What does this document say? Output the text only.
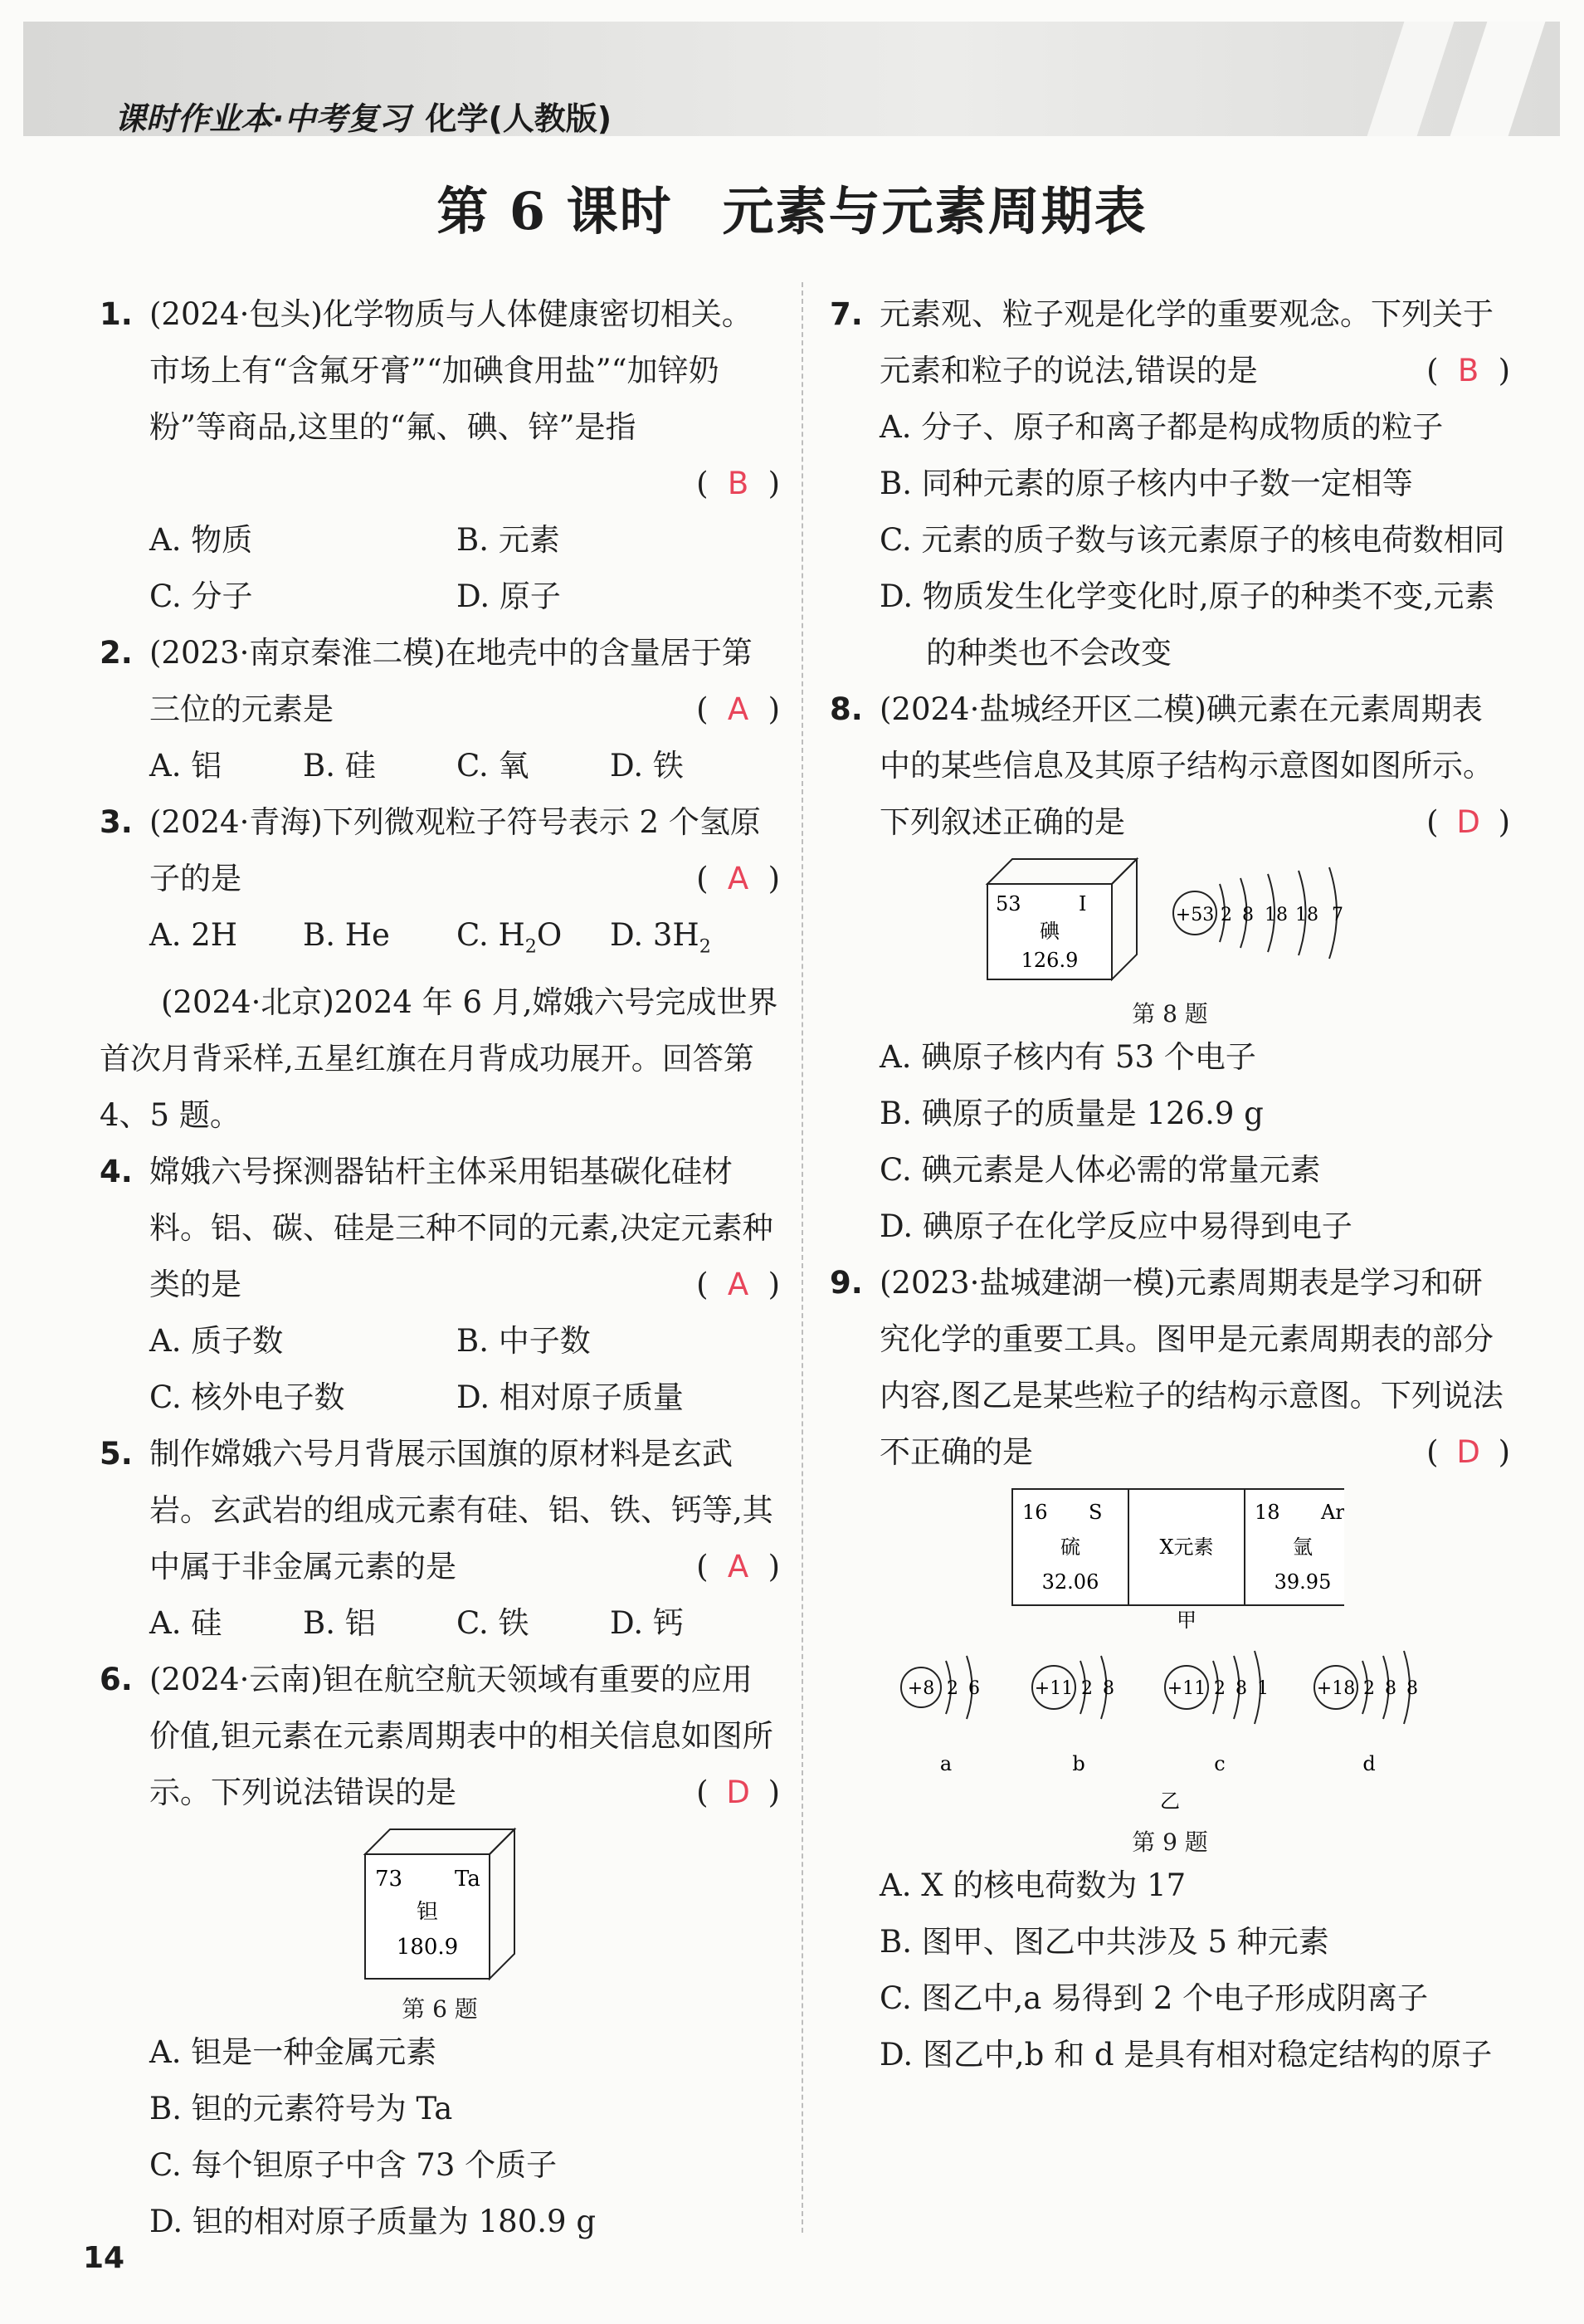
课时作业本·中考复习 化学(人教版)
第 6 课时 元素与元素周期表
1. (2024·包头)化学物质与人体健康密切相关。市场上有“含氟牙膏”“加碘食用盐”“加锌奶粉”等商品,这里的“氟、碘、锌”是指
( B )
A. 物质	B. 元素
C. 分子	D. 原子
2. (2023·南京秦淮二模)在地壳中的含量居于第三位的元素是	( A )
A. 铝	B. 硅	C. 氧	D. 铁
3. (2024·青海)下列微观粒子符号表示 2 个氢原子的是	( A )
A. 2H	B. He	C. $H_2O$	D. $3H_2$
(2024·北京)2024 年 6 月,嫦娥六号完成世界首次月背采样,五星红旗在月背成功展开。回答第 4、5 题。
4. 嫦娥六号探测器钻杆主体采用铝基碳化硅材料。铝、碳、硅是三种不同的元素,决定元素种类的是	( A )
A. 质子数	B. 中子数
C. 核外电子数	D. 相对原子质量
5. 制作嫦娥六号月背展示国旗的原材料是玄武岩。玄武岩的组成元素有硅、铝、铁、钙等,其中属于非金属元素的是	( A )
A. 硅	B. 铝	C. 铁	D. 钙
6. (2024·云南)钽在航空航天领域有重要的应用价值,钽元素在元素周期表中的相关信息如图所示。下列说法错误的是	( D )
73 Ta
钽
180.9
第 6 题
A. 钽是一种金属元素
B. 钽的元素符号为 Ta
C. 每个钽原子中含 73 个质子
D. 钽的相对原子质量为 180.9 g
7. 元素观、粒子观是化学的重要观念。下列关于元素和粒子的说法,错误的是	( B )
A. 分子、原子和离子都是构成物质的粒子
B. 同种元素的原子核内中子数一定相等
C. 元素的质子数与该元素原子的核电荷数相同
D. 物质发生化学变化时,原子的种类不变,元素的种类也不会改变
8. (2024·盐城经开区二模)碘元素在元素周期表中的某些信息及其原子结构示意图如图所示。下列叙述正确的是	( D )
53	I
碘
126.9
+53 2 8 18 18 7
第 8 题
A. 碘原子核内有 53 个电子
B. 碘原子的质量是 126.9 g
C. 碘元素是人体必需的常量元素
D. 碘原子在化学反应中易得到电子
9. (2023·盐城建湖一模)元素周期表是学习和研究化学的重要工具。图甲是元素周期表的部分内容,图乙是某些粒子的结构示意图。下列说法不正确的是	( D )
16 S
硫
32.06
X元素
18 Ar
氩
39.95
甲

+8 2 6
a
+11 2 8
b
+11 2 8 1
c
+18 2 8 8
d
乙
第 9 题
A. X 的核电荷数为 17
B. 图甲、图乙中共涉及 5 种元素
C. 图乙中,a 易得到 2 个电子形成阴离子
D. 图乙中,b 和 d 是具有相对稳定结构的原子
14
